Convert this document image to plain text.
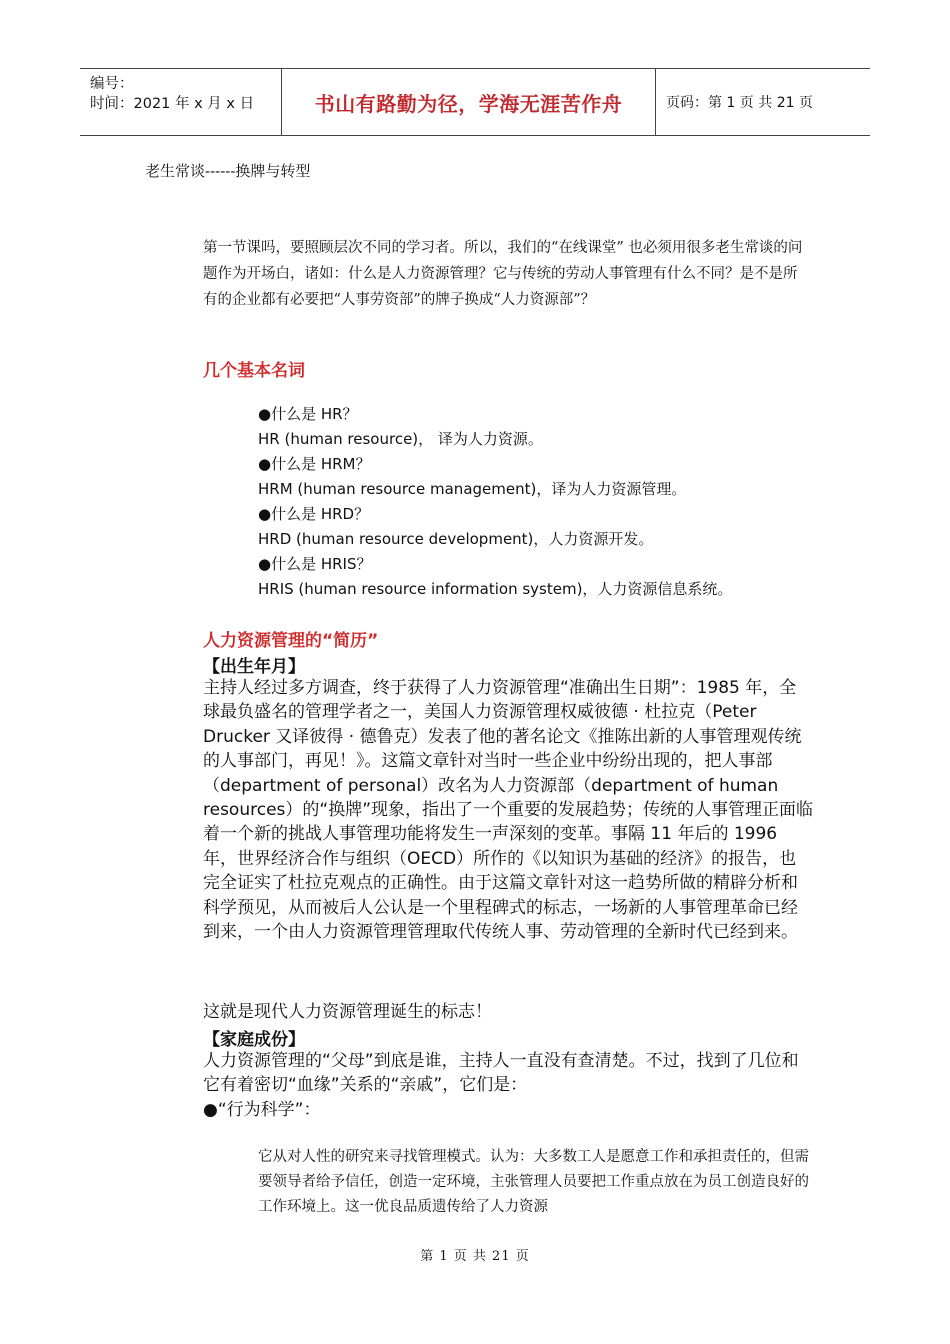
编号：
时间：2021 年 x 月 x 日	书山有路勤为径，学海无涯苦作舟	页码：第 1 页 共 21 页
老生常谈------换牌与转型
第一节课吗，要照顾层次不同的学习者。所以，我们的“在线课堂” 也必须用很多老生常谈的问题作为开场白，诸如：什么是人力资源管理？它与传统的劳动人事管理有什么不同？是不是所有的企业都有必要把“人事劳资部”的牌子换成“人力资源部”？
几个基本名词
●什么是 HR？
HR (human resource)， 译为人力资源。
●什么是 HRM？
HRM (human resource management)，译为人力资源管理。
●什么是 HRD？
HRD (human resource development)，人力资源开发。
●什么是 HRIS？
HRIS (human resource information system)，人力资源信息系统。
人力资源管理的“简历”
【出生年月】
主持人经过多方调查，终于获得了人力资源管理“准确出生日期”：1985 年，全球最负盛名的管理学者之一，美国人力资源管理权威彼德 · 杜拉克（Peter Drucker 又译彼得 · 德鲁克）发表了他的著名论文《推陈出新的人事管理观传统的人事部门，再见！》。这篇文章针对当时一些企业中纷纷出现的，把人事部（department of personal）改名为人力资源部（department of human resources）的“换牌”现象，指出了一个重要的发展趋势；传统的人事管理正面临着一个新的挑战人事管理功能将发生一声深刻的变革。事隔 11 年后的 1996 年，世界经济合作与组织（OECD）所作的《以知识为基础的经济》的报告，也完全证实了杜拉克观点的正确性。由于这篇文章针对这一趋势所做的精辟分析和科学预见，从而被后人公认是一个里程碑式的标志，一场新的人事管理革命已经到来，一个由人力资源管理管理取代传统人事、劳动管理的全新时代已经到来。
这就是现代人力资源管理诞生的标志！
【家庭成份】
人力资源管理的“父母”到底是谁，主持人一直没有查清楚。不过，找到了几位和它有着密切“血缘”关系的“亲戚”，它们是：
●“行为科学”：
它从对人性的研究来寻找管理模式。认为：大多数工人是愿意工作和承担责任的，但需要领导者给予信任，创造一定环境，主张管理人员要把工作重点放在为员工创造良好的工作环境上。这一优良品质遗传给了人力资源
第 1 页 共 21 页
